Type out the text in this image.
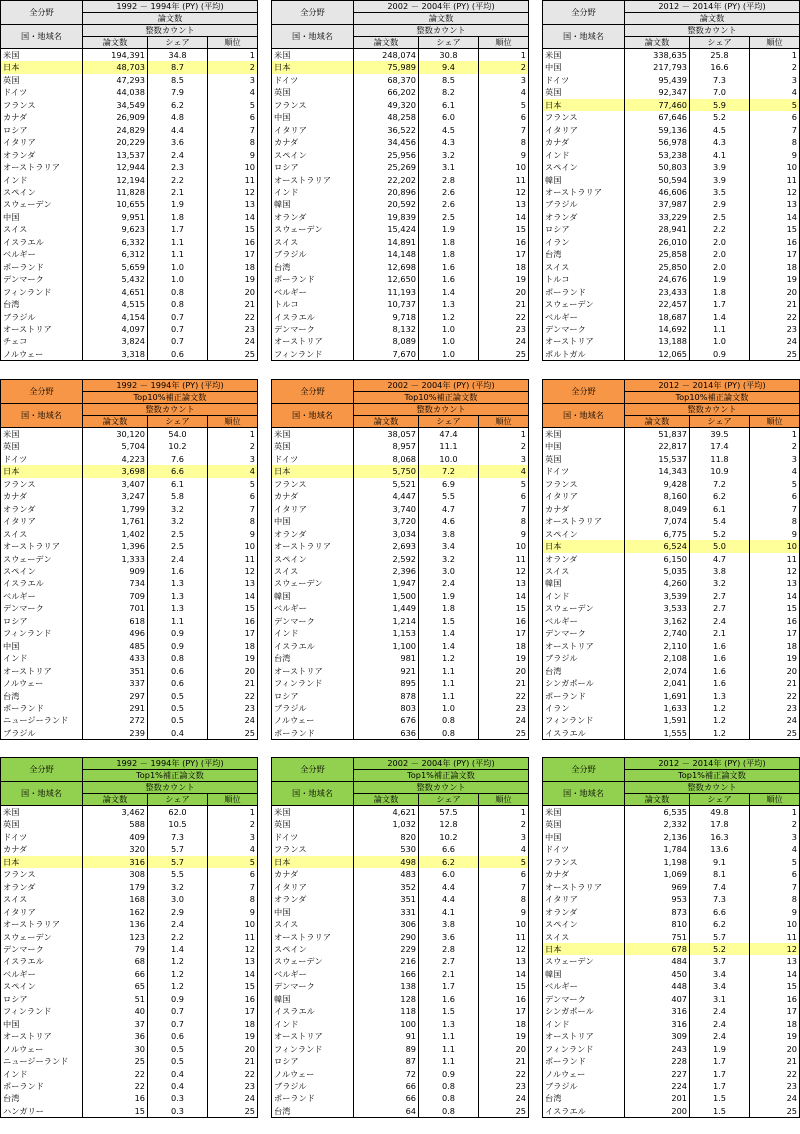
全分野	1992 － 1994年 (PY) (平均)		
	論文数		
国・地域名	整数カウント		
	論文数	シェア	順位
米国	194,391	34.8	1
日本	48,703	8.7	2
英国	47,293	8.5	3
ドイツ	44,038	7.9	4
フランス	34,549	6.2	5
カナダ	26,909	4.8	6
ロシア	24,829	4.4	7
イタリア	20,229	3.6	8
オランダ	13,537	2.4	9
オーストラリア	12,944	2.3	10
インド	12,194	2.2	11
スペイン	11,828	2.1	12
スウェーデン	10,655	1.9	13
中国	9,951	1.8	14
スイス	9,623	1.7	15
イスラエル	6,332	1.1	16
ベルギー	6,312	1.1	17
ポーランド	5,659	1.0	18
デンマーク	5,432	1.0	19
フィンランド	4,651	0.8	20
台湾	4,515	0.8	21
ブラジル	4,154	0.7	22
オーストリア	4,097	0.7	23
チェコ	3,824	0.7	24
ノルウェー	3,318	0.6	25
全分野	2002 － 2004年 (PY) (平均)		
	論文数		
国・地域名	整数カウント		
	論文数	シェア	順位
米国	248,074	30.8	1
日本	75,989	9.4	2
ドイツ	68,370	8.5	3
英国	66,202	8.2	4
フランス	49,320	6.1	5
中国	48,258	6.0	6
イタリア	36,522	4.5	7
カナダ	34,456	4.3	8
スペイン	25,956	3.2	9
ロシア	25,269	3.1	10
オーストラリア	22,202	2.8	11
インド	20,896	2.6	12
韓国	20,592	2.6	13
オランダ	19,839	2.5	14
スウェーデン	15,424	1.9	15
スイス	14,891	1.8	16
ブラジル	14,148	1.8	17
台湾	12,698	1.6	18
ポーランド	12,650	1.6	19
ベルギー	11,193	1.4	20
トルコ	10,737	1.3	21
イスラエル	9,718	1.2	22
デンマーク	8,132	1.0	23
オーストリア	8,089	1.0	24
フィンランド	7,670	1.0	25
全分野	2012 － 2014年 (PY) (平均)		
	論文数		
国・地域名	整数カウント		
	論文数	シェア	順位
米国	338,635	25.8	1
中国	217,793	16.6	2
ドイツ	95,439	7.3	3
英国	92,347	7.0	4
日本	77,460	5.9	5
フランス	67,646	5.2	6
イタリア	59,136	4.5	7
カナダ	56,978	4.3	8
インド	53,238	4.1	9
スペイン	50,803	3.9	10
韓国	50,594	3.9	11
オーストラリア	46,606	3.5	12
ブラジル	37,987	2.9	13
オランダ	33,229	2.5	14
ロシア	28,941	2.2	15
イラン	26,010	2.0	16
台湾	25,858	2.0	17
スイス	25,850	2.0	18
トルコ	24,676	1.9	19
ポーランド	23,433	1.8	20
スウェーデン	22,457	1.7	21
ベルギー	18,687	1.4	22
デンマーク	14,692	1.1	23
オーストリア	13,188	1.0	24
ポルトガル	12,065	0.9	25
全分野	1992 － 1994年 (PY) (平均)		
	Top10%補正論文数		
国・地域名	整数カウント		
	論文数	シェア	順位
米国	30,120	54.0	1
英国	5,704	10.2	2
ドイツ	4,223	7.6	3
日本	3,698	6.6	4
フランス	3,407	6.1	5
カナダ	3,247	5.8	6
オランダ	1,799	3.2	7
イタリア	1,761	3.2	8
スイス	1,402	2.5	9
オーストラリア	1,396	2.5	10
スウェーデン	1,333	2.4	11
スペイン	909	1.6	12
イスラエル	734	1.3	13
ベルギー	709	1.3	14
デンマーク	701	1.3	15
ロシア	618	1.1	16
フィンランド	496	0.9	17
中国	485	0.9	18
インド	433	0.8	19
オーストリア	351	0.6	20
ノルウェー	337	0.6	21
台湾	297	0.5	22
ポーランド	291	0.5	23
ニュージーランド	272	0.5	24
ブラジル	239	0.4	25
全分野	2002 － 2004年 (PY) (平均)		
	Top10%補正論文数		
国・地域名	整数カウント		
	論文数	シェア	順位
米国	38,057	47.4	1
英国	8,957	11.1	2
ドイツ	8,068	10.0	3
日本	5,750	7.2	4
フランス	5,521	6.9	5
カナダ	4,447	5.5	6
イタリア	3,740	4.7	7
中国	3,720	4.6	8
オランダ	3,034	3.8	9
オーストラリア	2,693	3.4	10
スペイン	2,592	3.2	11
スイス	2,396	3.0	12
スウェーデン	1,947	2.4	13
韓国	1,500	1.9	14
ベルギー	1,449	1.8	15
デンマーク	1,214	1.5	16
インド	1,153	1.4	17
イスラエル	1,100	1.4	18
台湾	981	1.2	19
オーストリア	921	1.1	20
フィンランド	895	1.1	21
ロシア	878	1.1	22
ブラジル	803	1.0	23
ノルウェー	676	0.8	24
ポーランド	636	0.8	25
全分野	2012 － 2014年 (PY) (平均)		
	Top10%補正論文数		
国・地域名	整数カウント		
	論文数	シェア	順位
米国	51,837	39.5	1
中国	22,817	17.4	2
英国	15,537	11.8	3
ドイツ	14,343	10.9	4
フランス	9,428	7.2	5
イタリア	8,160	6.2	6
カナダ	8,049	6.1	7
オーストラリア	7,074	5.4	8
スペイン	6,775	5.2	9
日本	6,524	5.0	10
オランダ	6,150	4.7	11
スイス	5,035	3.8	12
韓国	4,260	3.2	13
インド	3,539	2.7	14
スウェーデン	3,533	2.7	15
ベルギー	3,162	2.4	16
デンマーク	2,740	2.1	17
オーストリア	2,110	1.6	18
ブラジル	2,108	1.6	19
台湾	2,074	1.6	20
シンガポール	2,041	1.6	21
ポーランド	1,691	1.3	22
イラン	1,633	1.2	23
フィンランド	1,591	1.2	24
イスラエル	1,555	1.2	25
全分野	1992 － 1994年 (PY) (平均)		
	Top1%補正論文数		
国・地域名	整数カウント		
	論文数	シェア	順位
米国	3,462	62.0	1
英国	588	10.5	2
ドイツ	409	7.3	3
カナダ	320	5.7	4
日本	316	5.7	5
フランス	308	5.5	6
オランダ	179	3.2	7
スイス	168	3.0	8
イタリア	162	2.9	9
オーストラリア	136	2.4	10
スウェーデン	123	2.2	11
デンマーク	79	1.4	12
イスラエル	68	1.2	13
ベルギー	66	1.2	14
スペイン	65	1.2	15
ロシア	51	0.9	16
フィンランド	40	0.7	17
中国	37	0.7	18
オーストリア	36	0.6	19
ノルウェー	30	0.5	20
ニュージーランド	25	0.5	21
インド	22	0.4	22
ポーランド	22	0.4	23
台湾	16	0.3	24
ハンガリー	15	0.3	25
全分野	2002 － 2004年 (PY) (平均)		
	Top1%補正論文数		
国・地域名	整数カウント		
	論文数	シェア	順位
米国	4,621	57.5	1
英国	1,032	12.8	2
ドイツ	820	10.2	3
フランス	530	6.6	4
日本	498	6.2	5
カナダ	483	6.0	6
イタリア	352	4.4	7
オランダ	351	4.4	8
中国	331	4.1	9
スイス	306	3.8	10
オーストラリア	290	3.6	11
スペイン	229	2.8	12
スウェーデン	216	2.7	13
ベルギー	166	2.1	14
デンマーク	138	1.7	15
韓国	128	1.6	16
イスラエル	118	1.5	17
インド	100	1.3	18
オーストリア	91	1.1	19
フィンランド	89	1.1	20
ロシア	87	1.1	21
ノルウェー	72	0.9	22
ブラジル	66	0.8	23
ポーランド	66	0.8	24
台湾	64	0.8	25
全分野	2012 － 2014年 (PY) (平均)		
	Top1%補正論文数		
国・地域名	整数カウント		
	論文数	シェア	順位
米国	6,535	49.8	1
英国	2,332	17.8	2
中国	2,136	16.3	3
ドイツ	1,784	13.6	4
フランス	1,198	9.1	5
カナダ	1,069	8.1	6
オーストラリア	969	7.4	7
イタリア	953	7.3	8
オランダ	873	6.6	9
スペイン	810	6.2	10
スイス	751	5.7	11
日本	678	5.2	12
スウェーデン	484	3.7	13
韓国	450	3.4	14
ベルギー	448	3.4	15
デンマーク	407	3.1	16
シンガポール	316	2.4	17
インド	316	2.4	18
オーストリア	309	2.4	19
フィンランド	243	1.9	20
ポーランド	228	1.7	21
ノルウェー	227	1.7	22
ブラジル	224	1.7	23
台湾	201	1.5	24
イスラエル	200	1.5	25
